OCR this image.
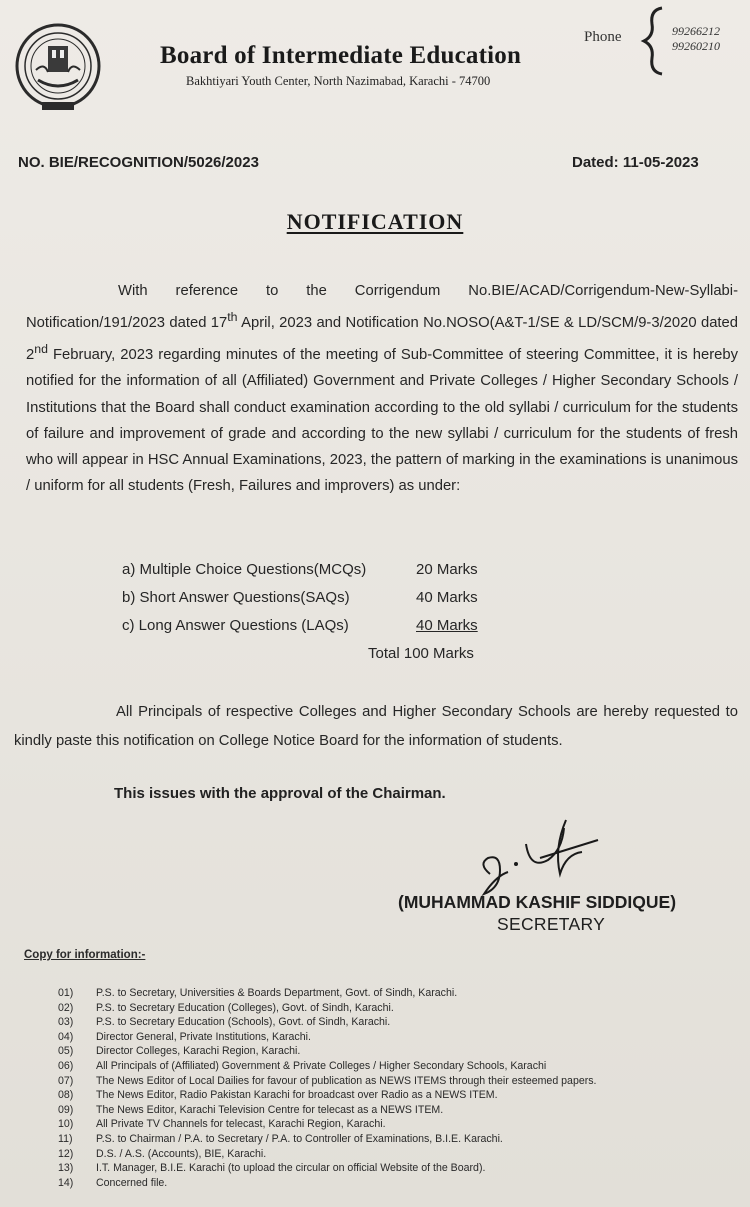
Board of Intermediate Education
Bakhtiyari Youth Center, North Nazimabad, Karachi - 74700
Phone	99266212
99260210
NO. BIE/RECOGNITION/5026/2023	Dated: 11-05-2023
NOTIFICATION
With reference to the Corrigendum No.BIE/ACAD/Corrigendum-New-Syllabi-Notification/191/2023 dated 17th April, 2023 and Notification No.NOSO(A&T-1/SE & LD/SCM/9-3/2020 dated 2nd February, 2023 regarding minutes of the meeting of Sub-Committee of steering Committee, it is hereby notified for the information of all (Affiliated) Government and Private Colleges / Higher Secondary Schools / Institutions that the Board shall conduct examination according to the old syllabi / curriculum for the students of failure and improvement of grade and according to the new syllabi / curriculum for the students of fresh who will appear in HSC Annual Examinations, 2023, the pattern of marking in the examinations is unanimous / uniform for all students (Fresh, Failures and improvers) as under:
a) Multiple Choice Questions(MCQs)	20 Marks
b) Short Answer Questions(SAQs)	40 Marks
c) Long Answer Questions (LAQs)	40 Marks
Total 100 Marks
All Principals of respective Colleges and Higher Secondary Schools are hereby requested to kindly paste this notification on College Notice Board for the information of students.
This issues with the approval of the Chairman.
(MUHAMMAD KASHIF SIDDIQUE)
SECRETARY
Copy for information:-
01) P.S. to Secretary, Universities & Boards Department, Govt. of Sindh, Karachi.
02) P.S. to Secretary Education (Colleges), Govt. of Sindh, Karachi.
03) P.S. to Secretary Education (Schools), Govt. of Sindh, Karachi.
04) Director General, Private Institutions, Karachi.
05) Director Colleges, Karachi Region, Karachi.
06) All Principals of (Affiliated) Government & Private Colleges / Higher Secondary Schools, Karachi
07) The News Editor of Local Dailies for favour of publication as NEWS ITEMS through their esteemed papers.
08) The News Editor, Radio Pakistan Karachi for broadcast over Radio as a NEWS ITEM.
09) The News Editor, Karachi Television Centre for telecast as a NEWS ITEM.
10) All Private TV Channels for telecast, Karachi Region, Karachi.
11) P.S. to Chairman / P.A. to Secretary / P.A. to Controller of Examinations, B.I.E. Karachi.
12) D.S. / A.S. (Accounts), BIE, Karachi.
13) I.T. Manager, B.I.E. Karachi (to upload the circular on official Website of the Board).
14) Concerned file.
